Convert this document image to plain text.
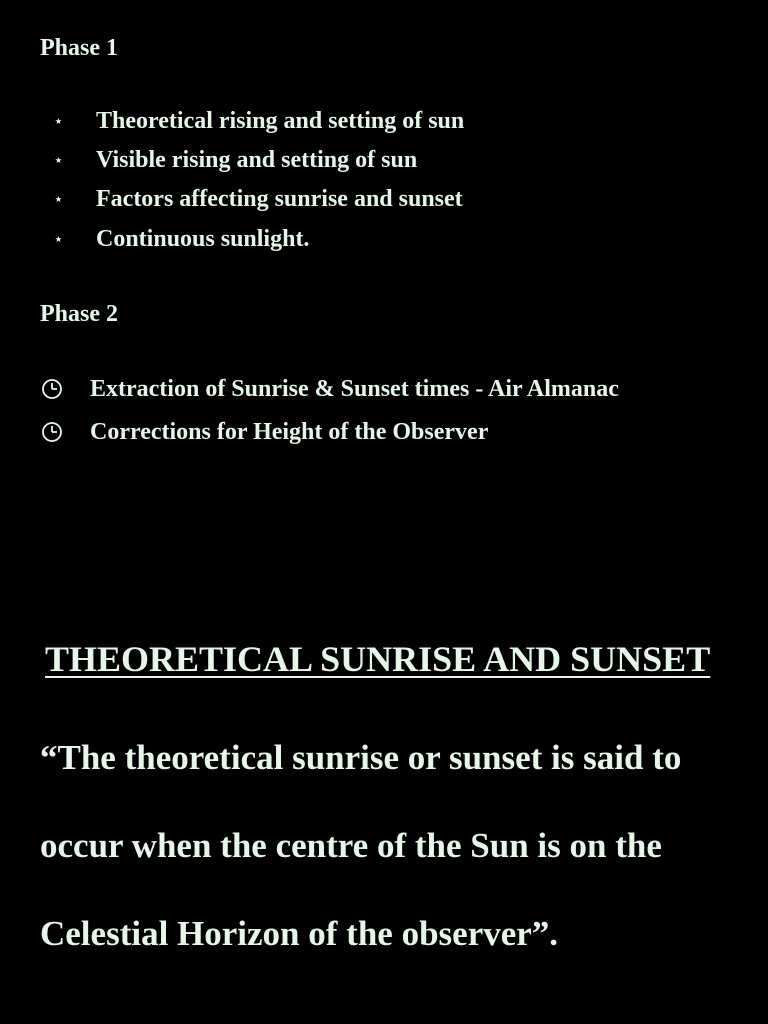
Phase 1
Theoretical rising and setting of sun
Visible rising and setting of sun
Factors affecting sunrise and sunset
Continuous sunlight.
Phase 2
Extraction of Sunrise & Sunset times - Air Almanac
Corrections for Height of the Observer
THEORETICAL SUNRISE AND SUNSET
“The theoretical sunrise or sunset is said to
occur when the centre of the Sun is on the
Celestial Horizon of the observer”.
